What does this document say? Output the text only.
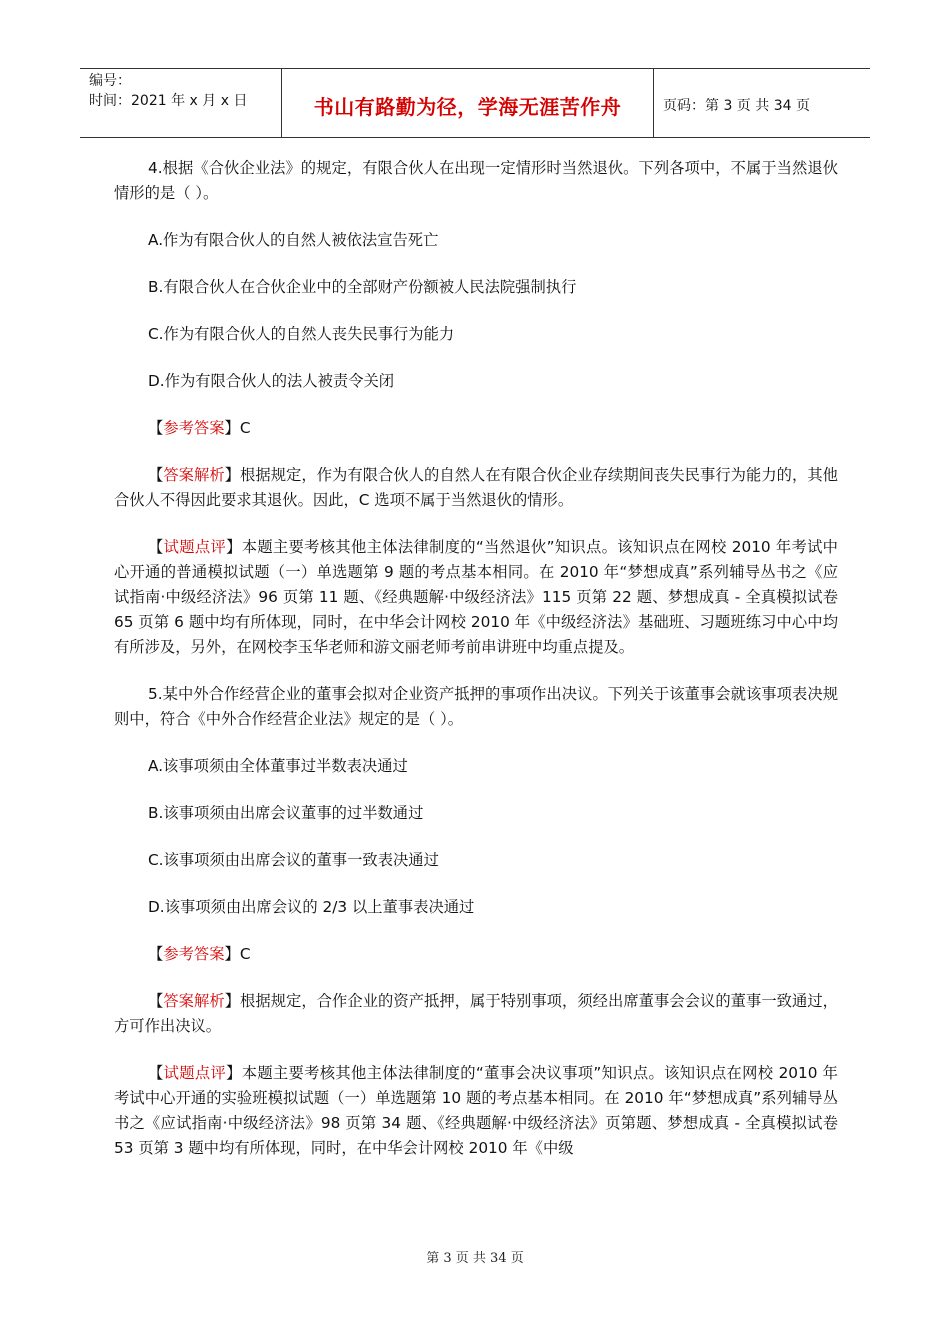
编号：
时间：2021 年 x 月 x 日	书山有路勤为径，学海无涯苦作舟	页码：第 3 页 共 34 页

4.根据《合伙企业法》的规定，有限合伙人在出现一定情形时当然退伙。下列各项中，不属于当然退伙情形的是（ ）。

A.作为有限合伙人的自然人被依法宣告死亡

B.有限合伙人在合伙企业中的全部财产份额被人民法院强制执行

C.作为有限合伙人的自然人丧失民事行为能力

D.作为有限合伙人的法人被责令关闭

【参考答案】C

【答案解析】根据规定，作为有限合伙人的自然人在有限合伙企业存续期间丧失民事行为能力的，其他合伙人不得因此要求其退伙。因此，C 选项不属于当然退伙的情形。

【试题点评】本题主要考核其他主体法律制度的“当然退伙”知识点。该知识点在网校 2010 年考试中心开通的普通模拟试题（一）单选题第 9 题的考点基本相同。在 2010 年“梦想成真”系列辅导丛书之《应试指南·中级经济法》96 页第 11 题、《经典题解·中级经济法》115 页第 22 题、梦想成真 - 全真模拟试卷 65 页第 6 题中均有所体现，同时，在中华会计网校 2010 年《中级经济法》基础班、习题班练习中心中均有所涉及，另外，在网校李玉华老师和游文丽老师考前串讲班中均重点提及。

5.某中外合作经营企业的董事会拟对企业资产抵押的事项作出决议。下列关于该董事会就该事项表决规则中，符合《中外合作经营企业法》规定的是（ ）。

A.该事项须由全体董事过半数表决通过

B.该事项须由出席会议董事的过半数通过

C.该事项须由出席会议的董事一致表决通过

D.该事项须由出席会议的 2/3 以上董事表决通过

【参考答案】C

【答案解析】根据规定，合作企业的资产抵押，属于特别事项，须经出席董事会会议的董事一致通过，方可作出决议。

【试题点评】本题主要考核其他主体法律制度的“董事会决议事项”知识点。该知识点在网校 2010 年考试中心开通的实验班模拟试题（一）单选题第 10 题的考点基本相同。在 2010 年“梦想成真”系列辅导丛书之《应试指南·中级经济法》98 页第 34 题、《经典题解·中级经济法》页第题、梦想成真 - 全真模拟试卷 53 页第 3 题中均有所体现，同时，在中华会计网校 2010 年《中级

第 3 页 共 34 页
